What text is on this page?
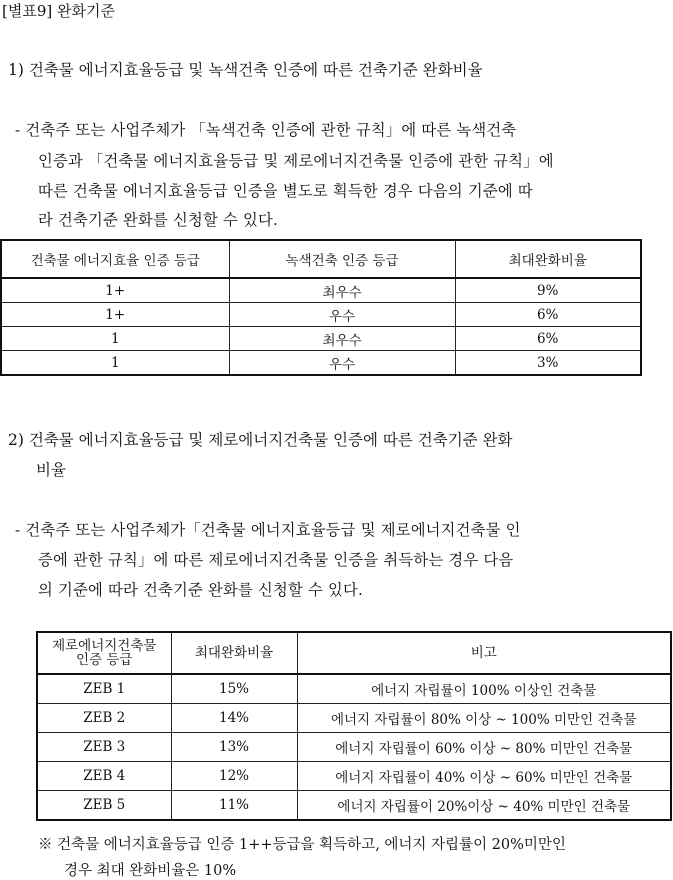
[별표9] 완화기준
1) 건축물 에너지효율등급 및 녹색건축 인증에 따른 건축기준 완화비율
- 건축주 또는 사업주체가 「녹색건축 인증에 관한 규칙」에 따른 녹색건축
인증과 「건축물 에너지효율등급 및 제로에너지건축물 인증에 관한 규칙」에
따른 건축물 에너지효율등급 인증을 별도로 획득한 경우 다음의 기준에 따
라 건축기준 완화를 신청할 수 있다.
건축물 에너지효율 인증 등급	녹색건축 인증 등급	최대완화비율
1+	최우수	9%
1+	우수	6%
1	최우수	6%
1	우수	3%
2) 건축물 에너지효율등급 및 제로에너지건축물 인증에 따른 건축기준 완화
비율
- 건축주 또는 사업주체가「건축물 에너지효율등급 및 제로에너지건축물 인
증에 관한 규칙」에 따른 제로에너지건축물 인증을 취득하는 경우 다음
의 기준에 따라 건축기준 완화를 신청할 수 있다.
제로에너지건축물
인증 등급	최대완화비율	비고
ZEB 1	15%	에너지 자립률이 100% 이상인 건축물
ZEB 2	14%	에너지 자립률이 80% 이상 ~ 100% 미만인 건축물
ZEB 3	13%	에너지 자립률이 60% 이상 ~ 80% 미만인 건축물
ZEB 4	12%	에너지 자립률이 40% 이상 ~ 60% 미만인 건축물
ZEB 5	11%	에너지 자립률이 20%이상 ~ 40% 미만인 건축물
※ 건축물 에너지효율등급 인증 1++등급을 획득하고, 에너지 자립률이 20%미만인
경우 최대 완화비율은 10%
